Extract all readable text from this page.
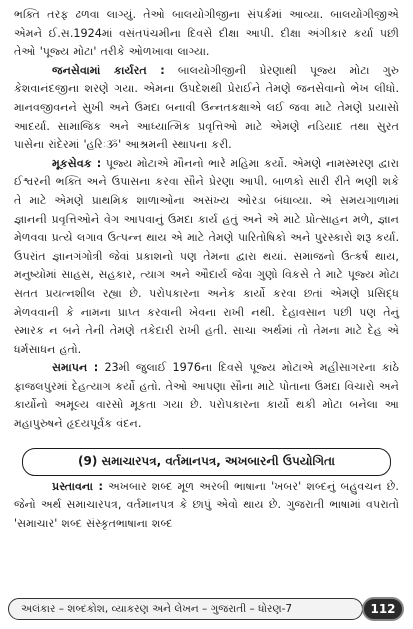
ભક્તિ તરફ ઢળવા લાગ્યું. તેઓ બાલયોગીજીના સંપર્કમાં આવ્યા. બાલયોગીજીએ એમને ઈ.સ.1924માં વસંતપંચમીના દિવસે દીક્ષા આપી. દીક્ષા અંગીકાર કર્યા પછી તેઓ 'પૂજ્ય મોટા' તરીકે ઓળખાવા લાગ્યા.

જનસેવામાં કાર્યરત : બાલયોગીજીની પ્રેરણાથી પૂજ્ય મોટા ગુરુ કેશવાનંદજીના શરણે ગયા. એમના ઉપદેશથી પ્રેરાઈને તેમણે જનસેવાનો ભેખ લીધો. માનવજીવનને સુખી અને ઉમદા બનાવી ઉન્નતકક્ષાએ લઈ જવા માટે તેમણે પ્રયાસો આદર્યા. સામાજિક અને આધ્યાત્મિક પ્રવૃત્તિઓ માટે એમણે નડિયાદ તથા સુરત પાસેના રાંદેરમાં 'હરિઃૐ' આશ્રમની સ્થાપના કરી.

મૂકસેવક : પૂજ્ય મોટાએ મૌનનો ભારે મહિમા કર્યો. એમણે નામસ્મરણ દ્વારા ઈશ્વરની ભક્તિ અને ઉપાસના કરવા સૌને પ્રેરણા આપી. બાળકો સારી રીતે ભણી શકે તે માટે એમણે પ્રાથમિક શાળાઓના અસંખ્ય ઓરડા બંધાવ્યા. એ સમયગાળામાં જ્ઞાનની પ્રવૃત્તિઓને વેગ આપવાનું ઉમદા કાર્ય હતું અને એ માટે પ્રોત્સાહન મળે, જ્ઞાન મેળવવા પ્રત્યે લગાવ ઉત્પન્ન થાય એ માટે તેમણે પારિતોષિકો અને પુરસ્કારો શરૂ કર્યા. ઉપરાંત જ્ઞાનગંગોત્રી જેવાં પ્રકાશનો પણ તેમના દ્વારા થયાં. સમાજનો ઉત્કર્ષ થાય, મનુષ્યોમાં સાહસ, સહકાર, ત્યાગ અને ઔદાર્ય જેવા ગુણો વિકસે તે માટે પૂજ્ય મોટા સતત પ્રયત્નશીલ રહ્યા છે. પરોપકારના અનેક કાર્યો કરવા છતાં એમણે પ્રસિદ્ધ મેળવવાની કે નામના પ્રાપ્ત કરવાની ખેવના રાખી નથી. દેહાવસાન પછી પણ તેનું સ્મારક ન બને તેની તેમણે તકેદારી રાખી હતી. સાચા અર્થમાં તો તેમના માટે દેહ એ ધર્મસાધન હતો.

સમાપન : 23મી જુલાઈ 1976ના દિવસે પૂજ્ય મોટાએ મહીસાગરના કાંઠે ફાજલપુરમાં દેહત્યાગ કર્યો હતો. તેઓ આપણા સૌના માટે પોતાના ઉમદા વિચારો અને કાર્યોનો અમૂલ્ય વારસો મૂકતા ગયા છે. પરોપકારના કાર્યો થકી મોટા બનેલા આ મહાપુરુષને હૃદયપૂર્વક વંદન.

(9) સમાચારપત્ર, વર્તમાનપત્ર, અખબારની ઉપયોગિતા

પ્રસ્તાવના : અખબાર શબ્દ મૂળ અરબી ભાષાના 'ખબર' શબ્દનું બહુવચન છે. જેનો અર્થ સમાચારપત્ર, વર્તમાનપત્ર કે છાપું એવો થાય છે. ગુજરાતી ભાષામાં વપરાતો 'સમાચાર' શબ્દ સંસ્કૃતભાષાના શબ્દ

અલંકાર – શબ્દકોશ, વ્યાકરણ અને લેખન – ગુજરાતી – ધોરણ-7	112
